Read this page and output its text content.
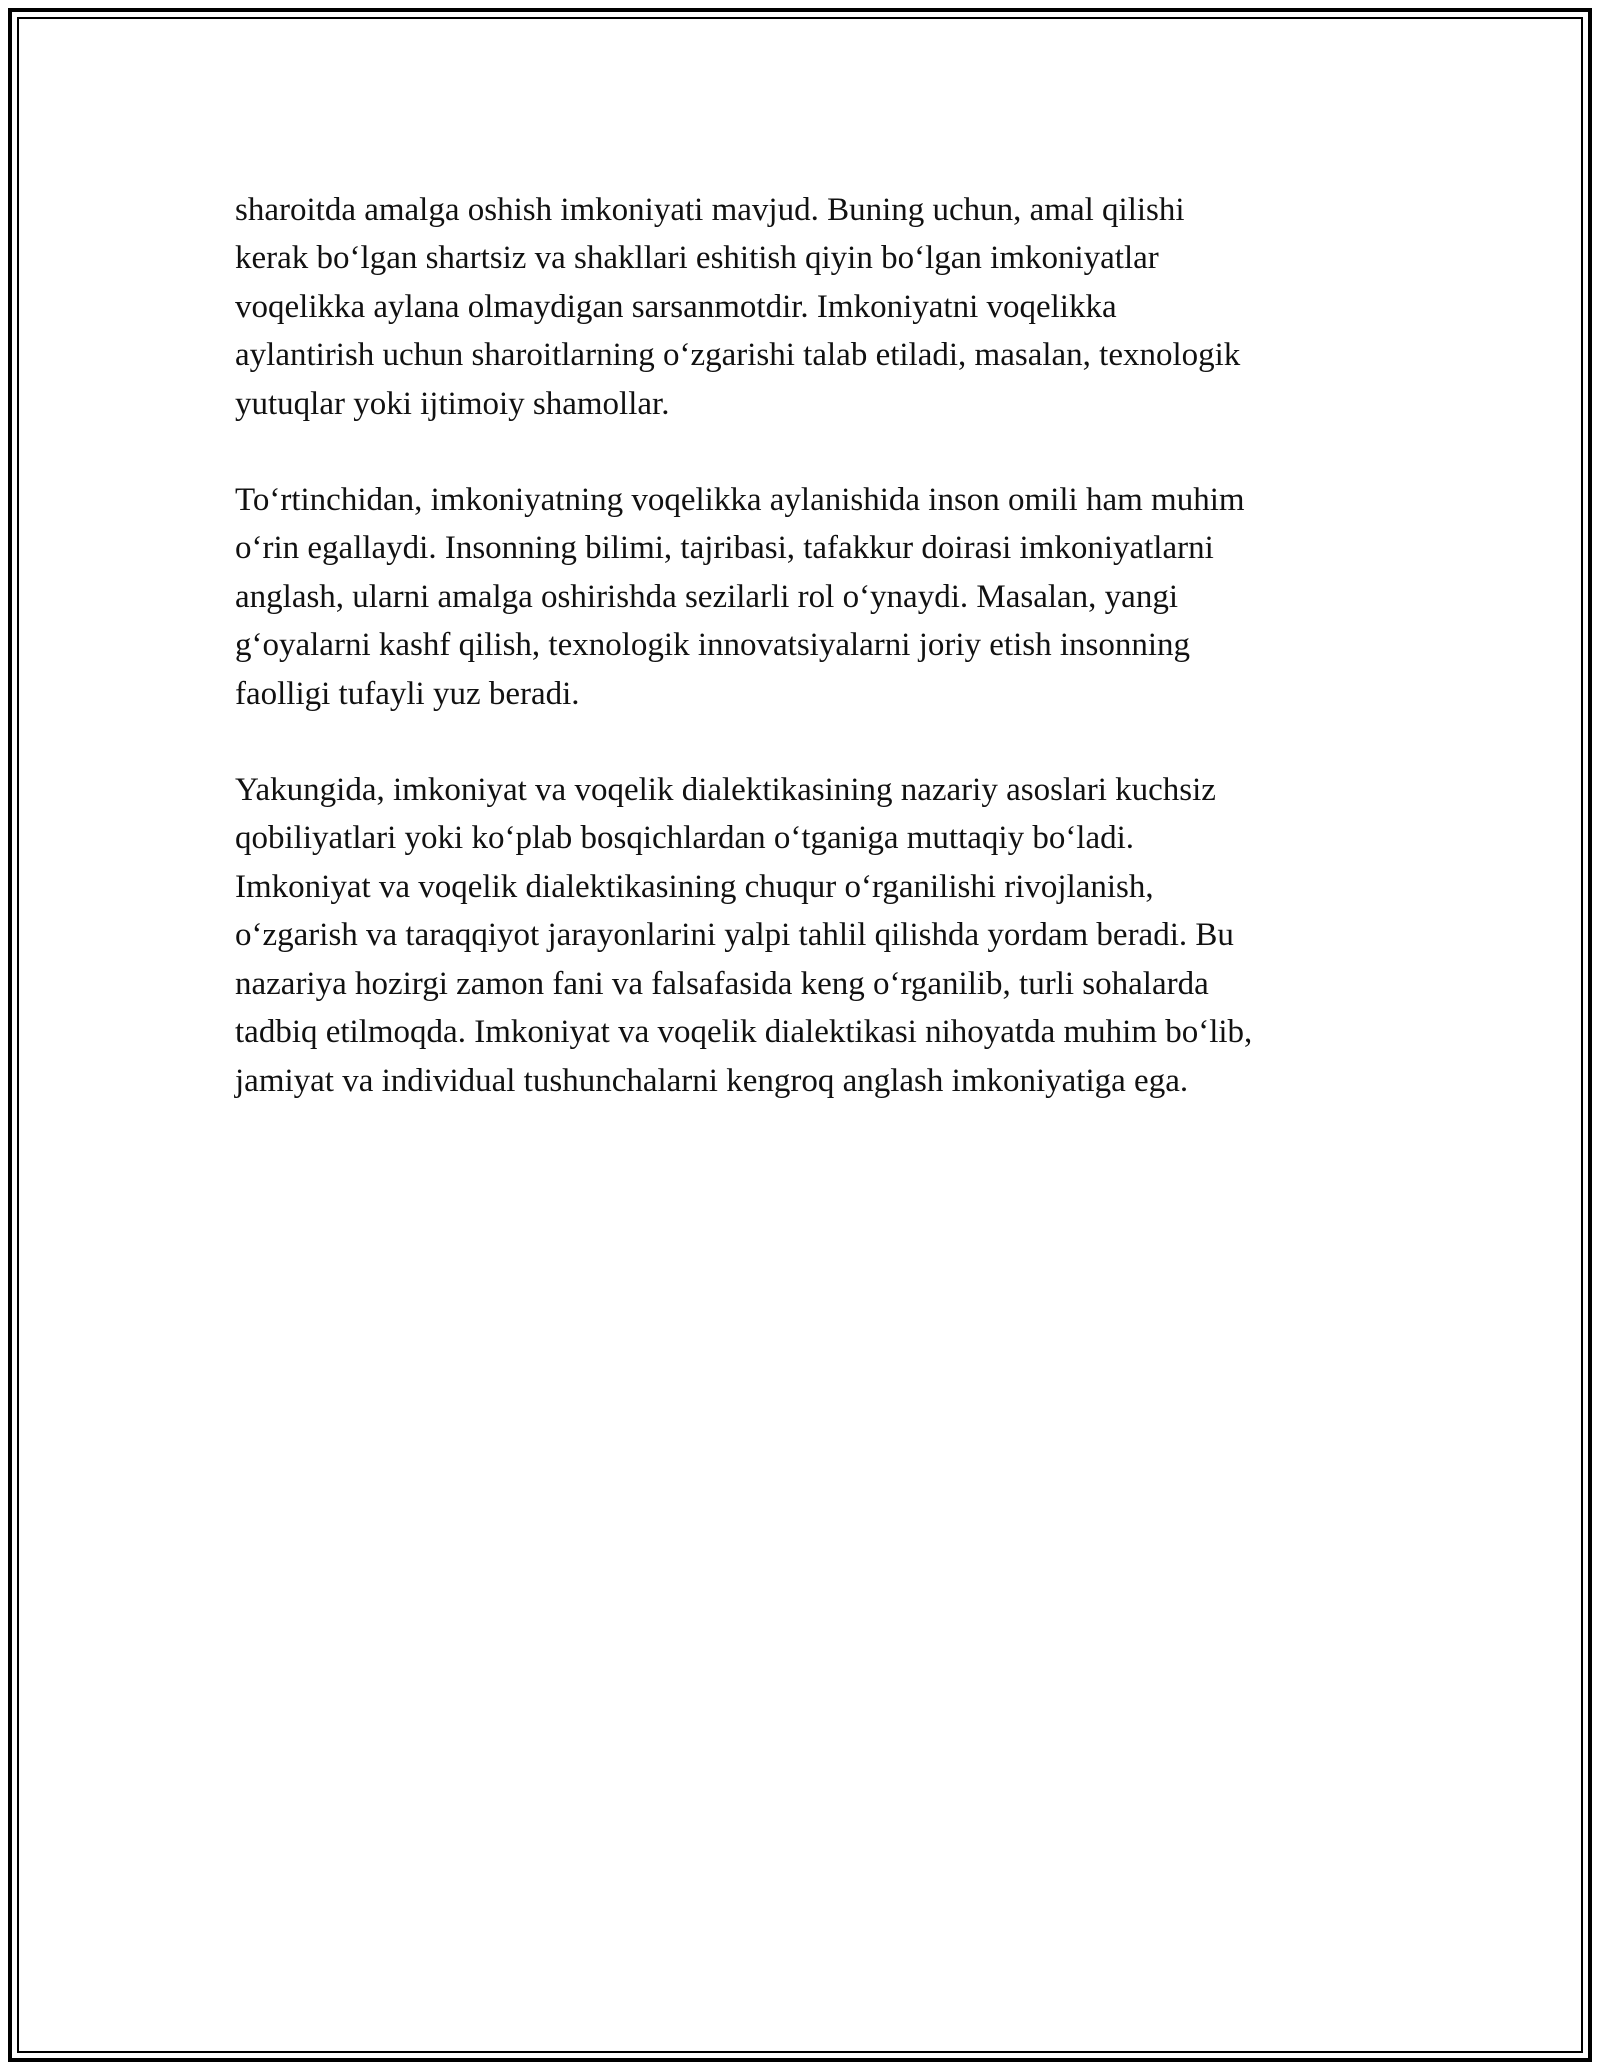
sharoitda amalga oshish imkoniyati mavjud. Buning uchun, amal qilishi
kerak bo‘lgan shartsiz va shakllari eshitish qiyin bo‘lgan imkoniyatlar
voqelikka aylana olmaydigan sarsanmotdir. Imkoniyatni voqelikka
aylantirish uchun sharoitlarning o‘zgarishi talab etiladi, masalan, texnologik
yutuqlar yoki ijtimoiy shamollar.

To‘rtinchidan, imkoniyatning voqelikka aylanishida inson omili ham muhim
o‘rin egallaydi. Insonning bilimi, tajribasi, tafakkur doirasi imkoniyatlarni
anglash, ularni amalga oshirishda sezilarli rol o‘ynaydi. Masalan, yangi
g‘oyalarni kashf qilish, texnologik innovatsiyalarni joriy etish insonning
faolligi tufayli yuz beradi.

Yakungida, imkoniyat va voqelik dialektikasining nazariy asoslari kuchsiz
qobiliyatlari yoki ko‘plab bosqichlardan o‘tganiga muttaqiy bo‘ladi.
Imkoniyat va voqelik dialektikasining chuqur o‘rganilishi rivojlanish,
o‘zgarish va taraqqiyot jarayonlarini yalpi tahlil qilishda yordam beradi. Bu
nazariya hozirgi zamon fani va falsafasida keng o‘rganilib, turli sohalarda
tadbiq etilmoqda. Imkoniyat va voqelik dialektikasi nihoyatda muhim bo‘lib,
jamiyat va individual tushunchalarni kengroq anglash imkoniyatiga ega.
